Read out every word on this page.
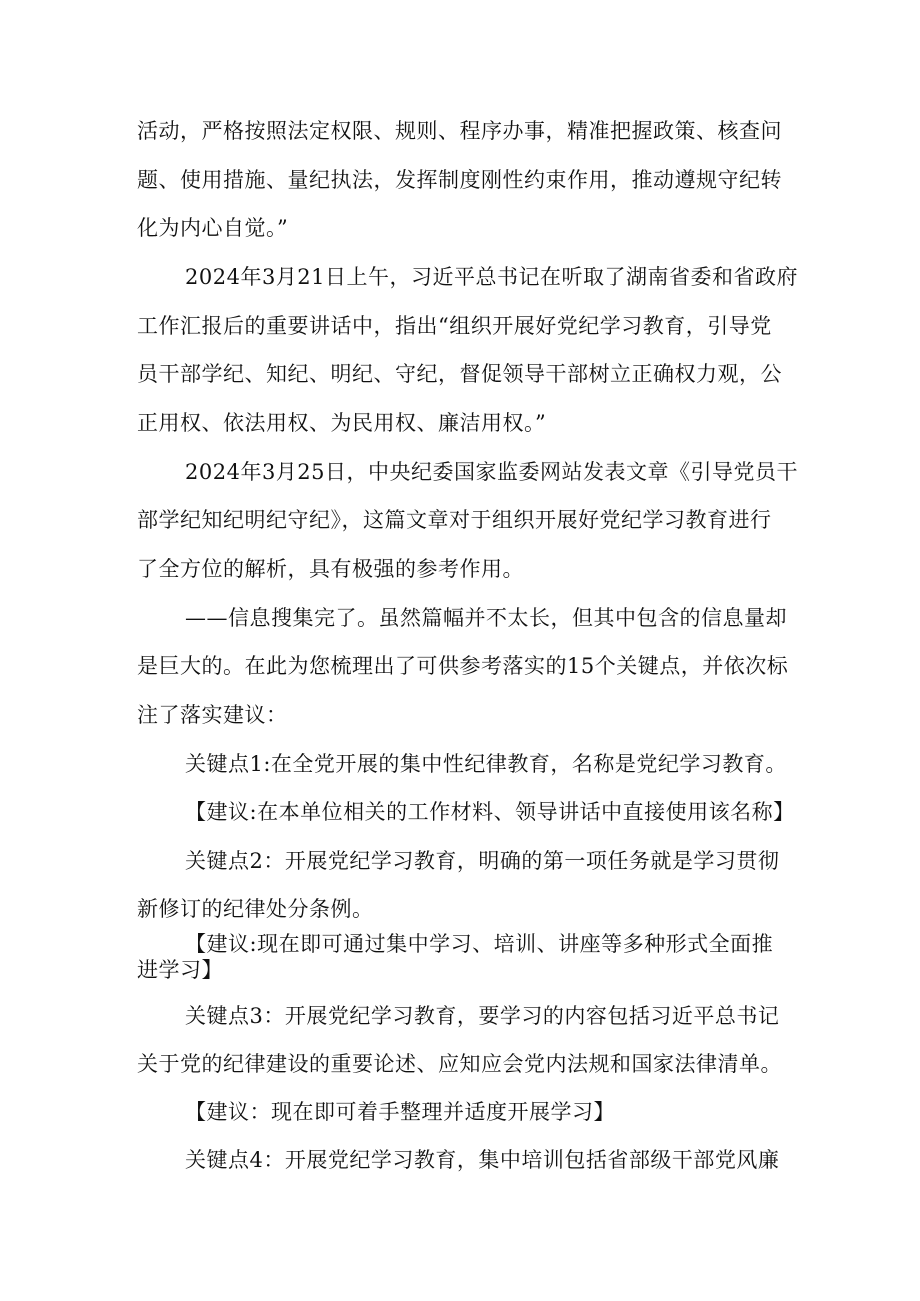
活动，严格按照法定权限、规则、程序办事，精准把握政策、核查问
题、使用措施、量纪执法，发挥制度刚性约束作用，推动遵规守纪转
化为内心自觉。”
2024年3月21日上午，习近平总书记在听取了湖南省委和省政府
工作汇报后的重要讲话中，指出“组织开展好党纪学习教育，引导党
员干部学纪、知纪、明纪、守纪，督促领导干部树立正确权力观，公
正用权、依法用权、为民用权、廉洁用权。”
2024年3月25日，中央纪委国家监委网站发表文章《引导党员干
部学纪知纪明纪守纪》，这篇文章对于组织开展好党纪学习教育进行
了全方位的解析，具有极强的参考作用。
——信息搜集完了。虽然篇幅并不太长，但其中包含的信息量却
是巨大的。在此为您梳理出了可供参考落实的15个关键点，并依次标
注了落实建议：
关键点1:在全党开展的集中性纪律教育，名称是党纪学习教育。
【建议:在本单位相关的工作材料、领导讲话中直接使用该名称】
关键点2：开展党纪学习教育，明确的第一项任务就是学习贯彻
新修订的纪律处分条例。
【建议:现在即可通过集中学习、培训、讲座等多种形式全面推
进学习】
关键点3：开展党纪学习教育，要学习的内容包括习近平总书记
关于党的纪律建设的重要论述、应知应会党内法规和国家法律清单。
【建议：现在即可着手整理并适度开展学习】
关键点4：开展党纪学习教育，集中培训包括省部级干部党风廉
